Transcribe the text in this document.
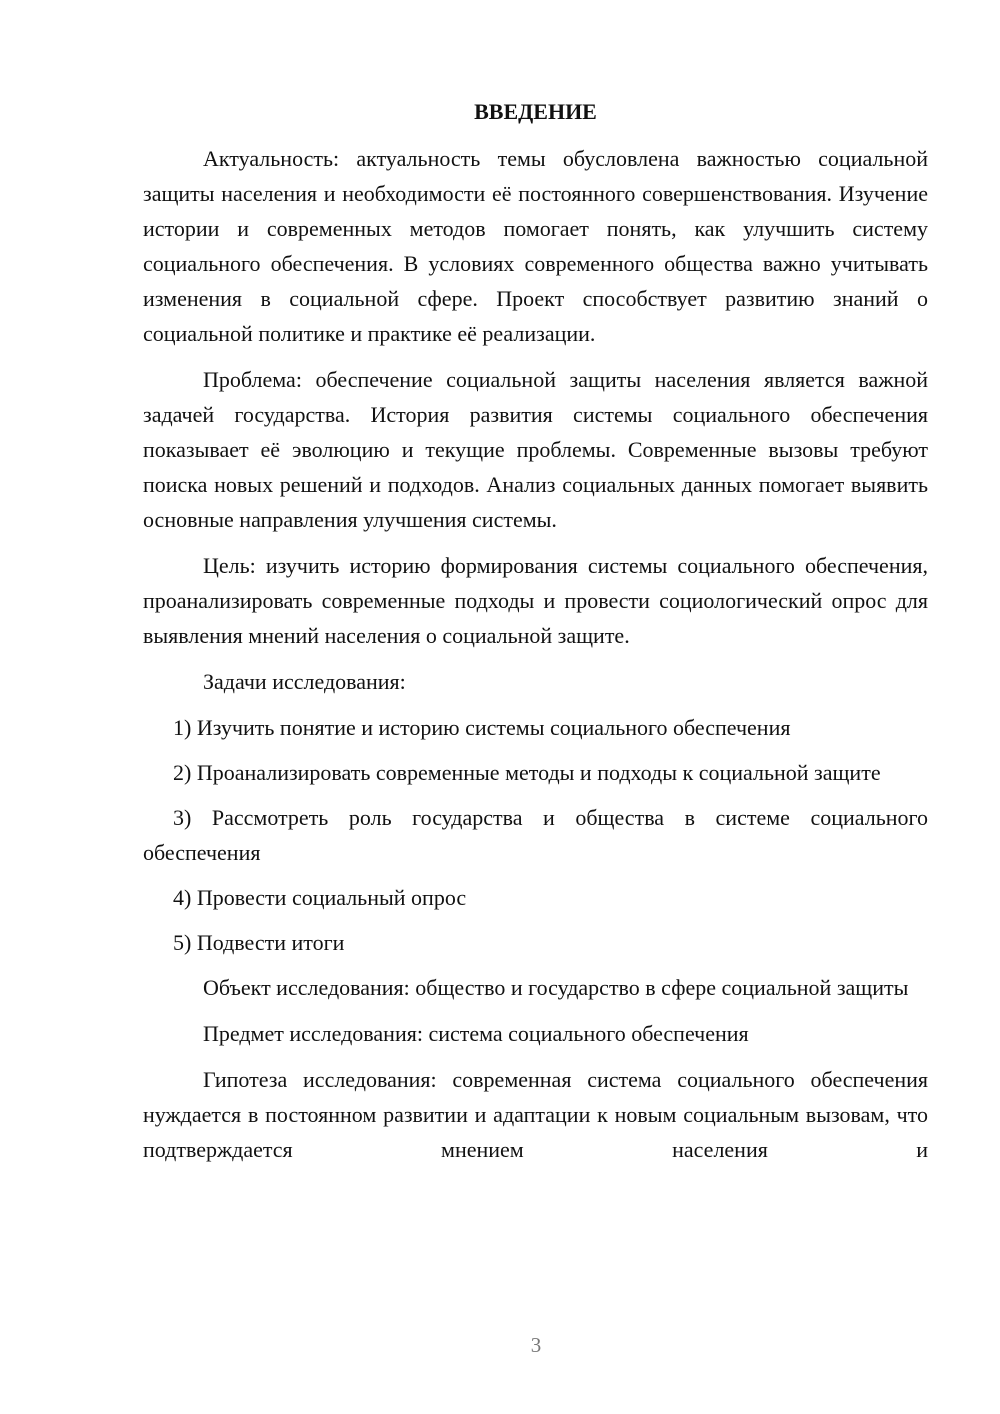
ВВЕДЕНИЕ

Актуальность: актуальность темы обусловлена важностью социальной защиты населения и необходимости её постоянного совершенствования. Изучение истории и современных методов помогает понять, как улучшить систему социального обеспечения. В условиях современного общества важно учитывать изменения в социальной сфере. Проект способствует развитию знаний о социальной политике и практике её реализации.

Проблема: обеспечение социальной защиты населения является важной задачей государства. История развития системы социального обеспечения показывает её эволюцию и текущие проблемы. Современные вызовы требуют поиска новых решений и подходов. Анализ социальных данных помогает выявить основные направления улучшения системы.

Цель: изучить историю формирования системы социального обеспечения, проанализировать современные подходы и провести социологический опрос для выявления мнений населения о социальной защите.

Задачи исследования:

1) Изучить понятие и историю системы социального обеспечения

2) Проанализировать современные методы и подходы к социальной защите

3) Рассмотреть роль государства и общества в системе социального обеспечения

4) Провести социальный опрос

5) Подвести итоги

Объект исследования: общество и государство в сфере социальной защиты

Предмет исследования: система социального обеспечения

Гипотеза исследования: современная система социального обеспечения нуждается в постоянном развитии и адаптации к новым социальным вызовам, что подтверждается мнением населения и

3
